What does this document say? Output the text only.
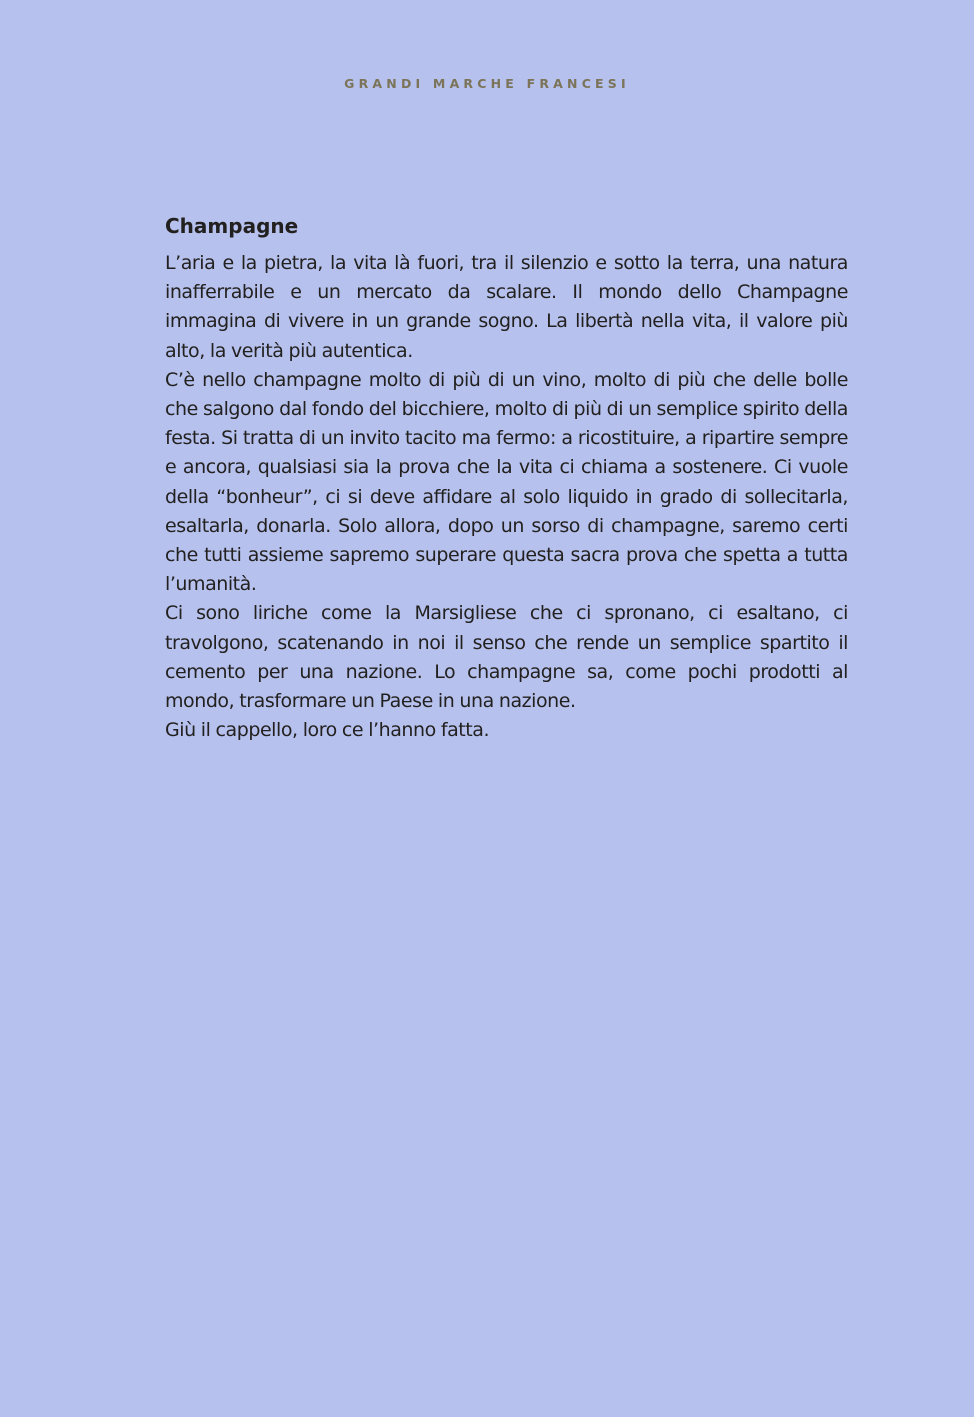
GRANDI MARCHE FRANCESI
Champagne

L’aria e la pietra, la vita là fuori, tra il silenzio e sotto la terra, una natura inafferrabile e un mercato da scalare. Il mondo dello Champagne immagina di vivere in un grande sogno. La libertà nella vita, il valore più alto, la verità più autentica.

C’è nello champagne molto di più di un vino, molto di più che delle bolle che salgono dal fondo del bicchiere, molto di più di un semplice spirito della festa. Si tratta di un invito tacito ma fermo: a ricostituire, a ripartire sempre e ancora, qualsiasi sia la prova che la vita ci chiama a sostenere. Ci vuole della “bonheur”, ci si deve affidare al solo liquido in grado di sollecitarla, esaltarla, donarla. Solo allora, dopo un sorso di champagne, saremo certi che tutti assieme sapremo superare questa sacra prova che spetta a tutta l’umanità.

Ci sono liriche come la Marsigliese che ci spronano, ci esaltano, ci travolgono, scatenando in noi il senso che rende un semplice spartito il cemento per una nazione. Lo champagne sa, come pochi prodotti al mondo, trasformare un Paese in una nazione.

Giù il cappello, loro ce l’hanno fatta.
